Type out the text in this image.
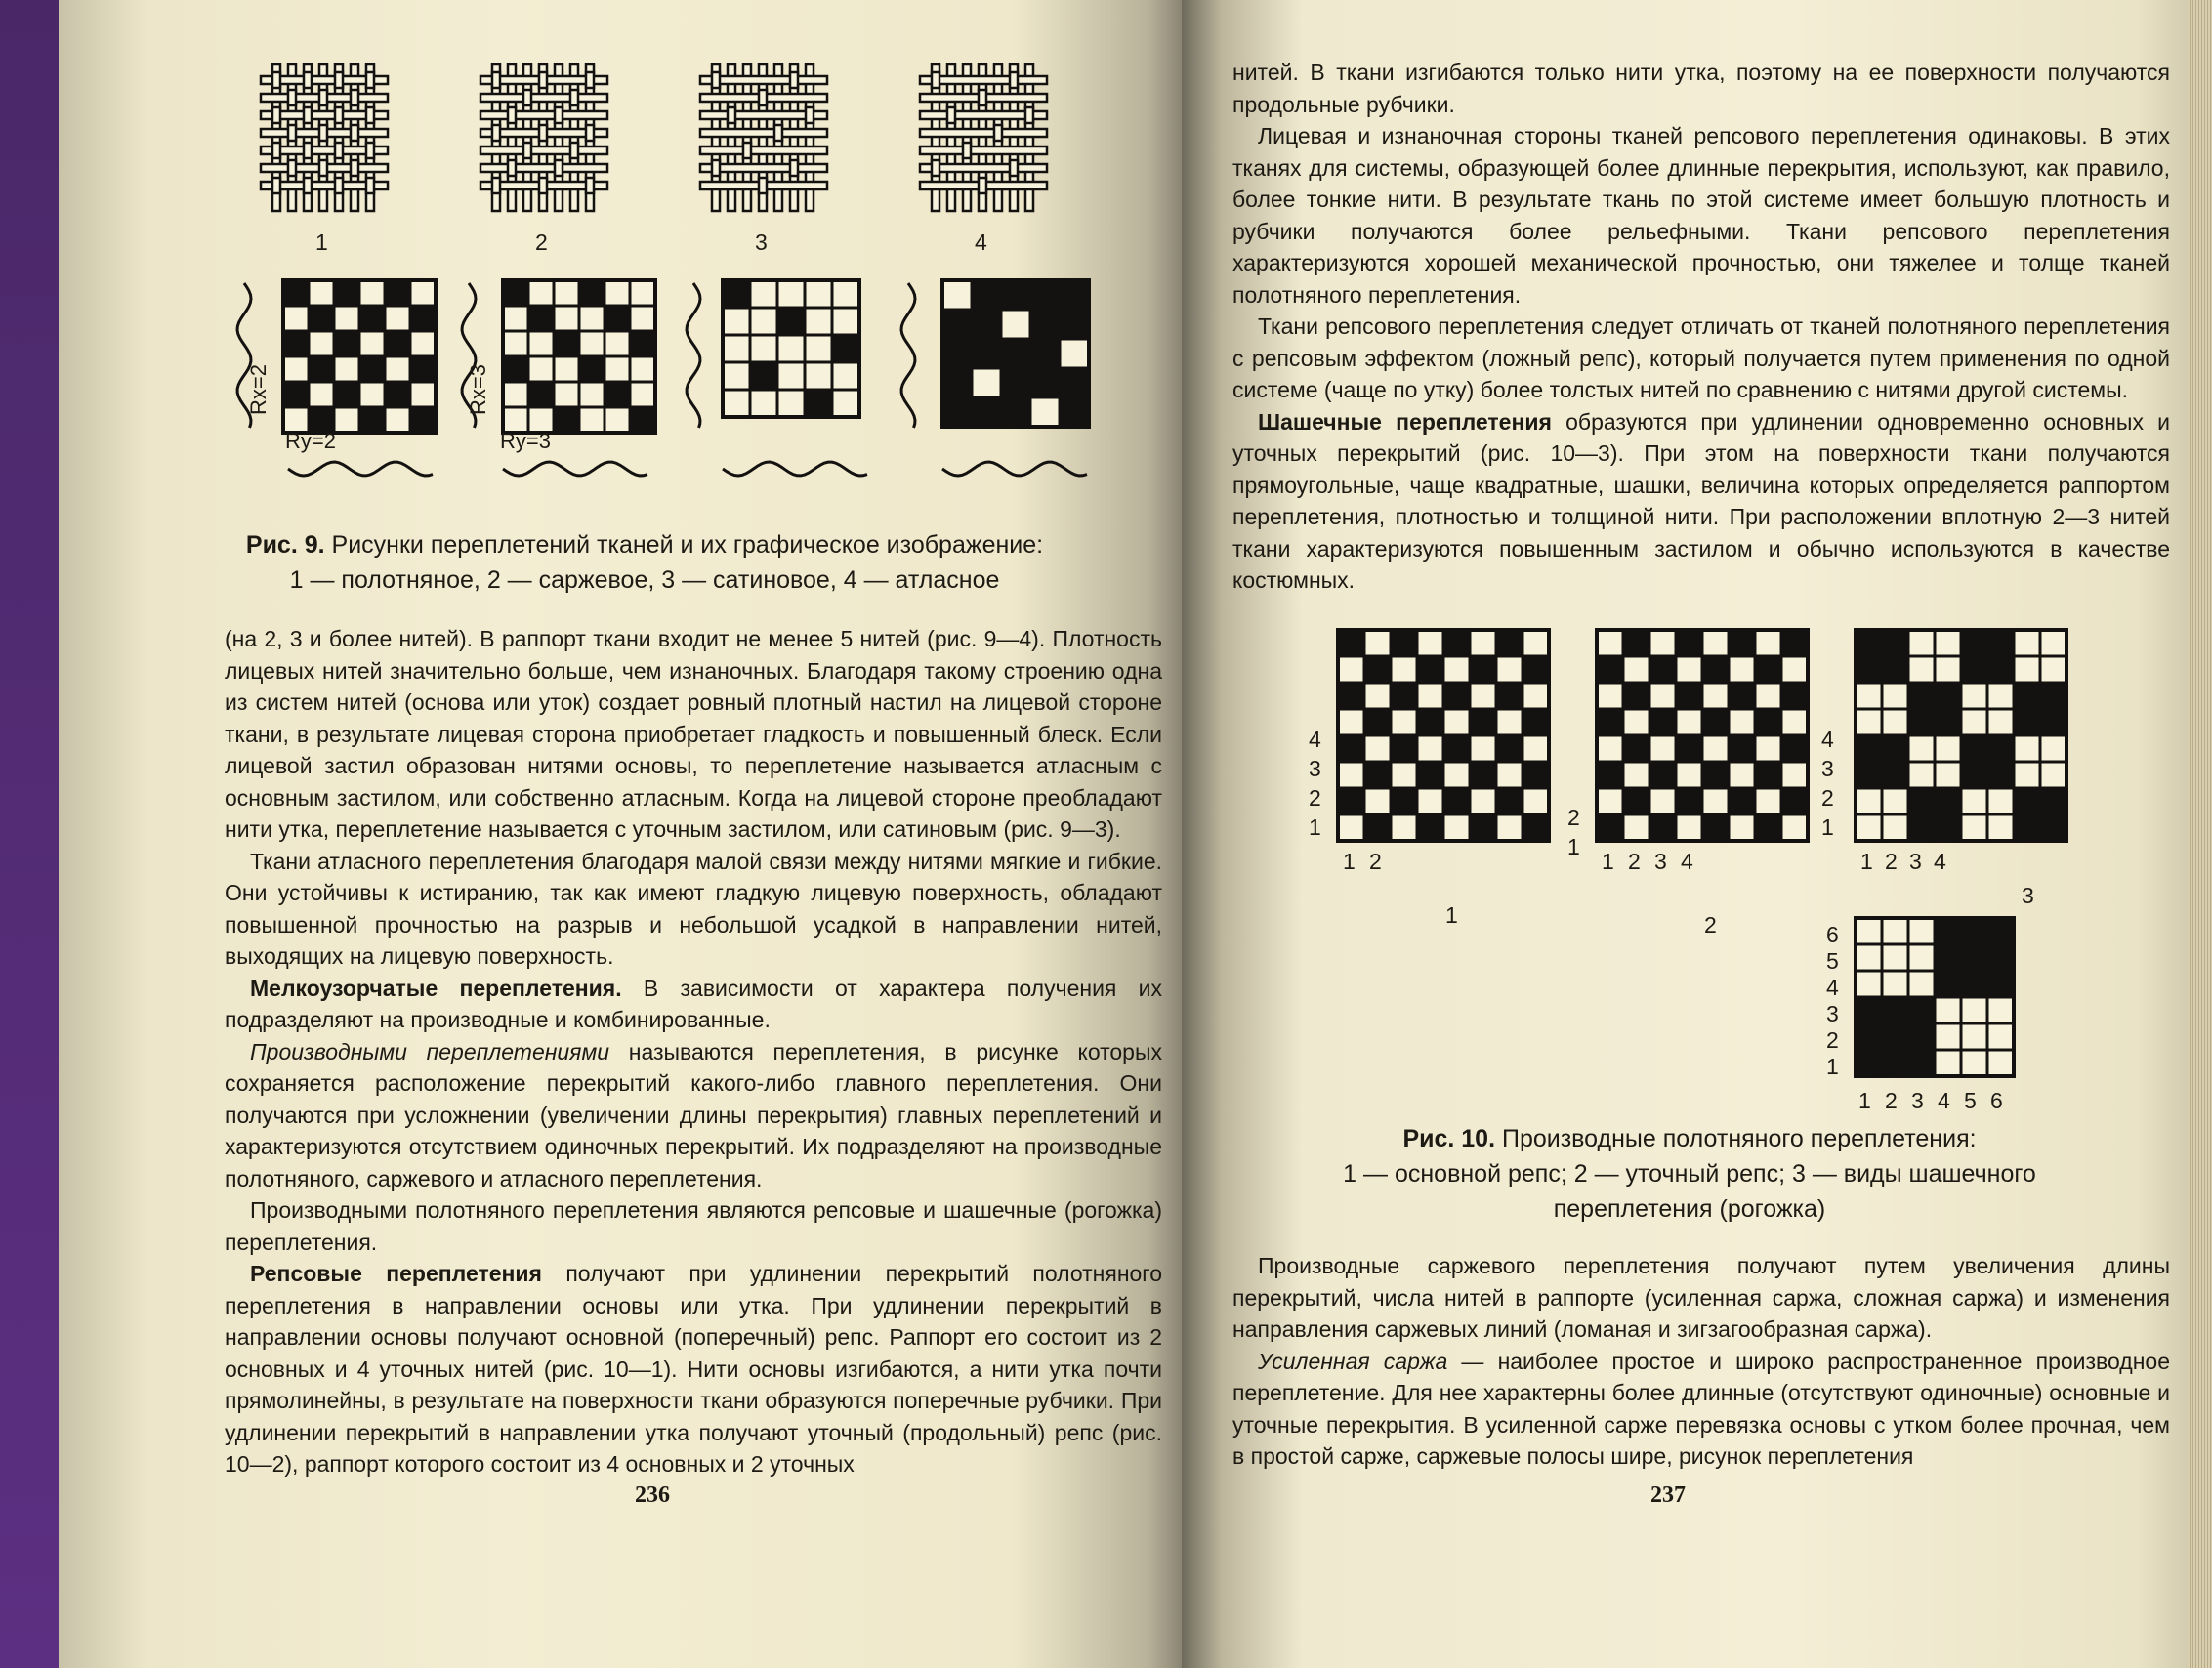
1	2	3	4
Rx=2
Ry=2
Rx=3
Ry=3
Рис. 9. Рисунки переплетений тканей и их графическое изображение:
1 — полотняное, 2 — саржевое, 3 — сатиновое, 4 — атласное

(на 2, 3 и более нитей). В раппорт ткани входит не менее 5 нитей (рис. 9—4). Плотность лицевых нитей значительно больше, чем изнаночных. Благодаря такому строению одна из систем нитей (основа или уток) создает ровный плотный настил на лицевой стороне ткани, в результате лицевая сторона приобретает гладкость и повышенный блеск. Если лицевой застил образован нитями основы, то переплетение называется атласным с основным застилом, или собственно атласным. Когда на лицевой стороне преобладают нити утка, переплетение называется с уточным застилом, или сатиновым (рис. 9—3).

Ткани атласного переплетения благодаря малой связи между нитями мягкие и гибкие. Они устойчивы к истиранию, так как имеют гладкую лицевую поверхность, обладают повышенной прочностью на разрыв и небольшой усадкой в направлении нитей, выходящих на лицевую поверхность.

Мелкоузорчатые переплетения. В зависимости от характера получения их подразделяют на производные и комбинированные.

Производными переплетениями называются переплетения, в рисунке которых сохраняется расположение перекрытий какого-либо главного переплетения. Они получаются при усложнении (увеличении длины перекрытия) главных переплетений и характеризуются отсутствием одиночных перекрытий. Их подразделяют на производные полотняного, саржевого и атласного переплетения.

Производными полотняного переплетения являются репсовые и шашечные (рогожка) переплетения.

Репсовые переплетения получают при удлинении перекрытий полотняного переплетения в направлении основы или утка. При удлинении перекрытий в направлении основы получают основной (поперечный) репс. Раппорт его состоит из 2 основных и 4 уточных нитей (рис. 10—1). Нити основы изгибаются, а нити утка почти прямолинейны, в результате на поверхности ткани образуются поперечные рубчики. При удлинении перекрытий в направлении утка получают уточный (продольный) репс (рис. 10—2), раппорт которого состоит из 4 основных и 2 уточных

236

нитей. В ткани изгибаются только нити утка, поэтому на ее поверхности получаются продольные рубчики.

Лицевая и изнаночная стороны тканей репсового переплетения одинаковы. В этих тканях для системы, образующей более длинные перекрытия, используют, как правило, более тонкие нити. В результате ткань по этой системе имеет большую плотность и рубчики получаются более рельефными. Ткани репсового переплетения характеризуются хорошей механической прочностью, они тяжелее и толще тканей полотняного переплетения.

Ткани репсового переплетения следует отличать от тканей полотняного переплетения с репсовым эффектом (ложный репс), который получается путем применения по одной системе (чаще по утку) более толстых нитей по сравнению с нитями другой системы.

Шашечные переплетения образуются при удлинении одновременно основных и уточных перекрытий (рис. 10—3). При этом на поверхности ткани получаются прямоугольные, чаще квадратные, шашки, величина которых определяется раппортом переплетения, плотностью и толщиной нити. При расположении вплотную 2—3 нитей ткани характеризуются повышенным застилом и обычно используются в качестве костюмных.

4
3
2
1
1 2
1
2
1
1 2 3 4
2
4
3
2
1
1 2 3 4
3
6
5
4
3
2
1
1 2 3 4 5 6
Рис. 10. Производные полотняного переплетения:
1 — основной репс; 2 — уточный репс; 3 — виды шашечного
переплетения (рогожка)

Производные саржевого переплетения получают путем увеличения длины перекрытий, числа нитей в раппорте (усиленная саржа, сложная саржа) и изменения направления саржевых линий (ломаная и зигзагообразная саржа).

Усиленная саржа — наиболее простое и широко распространенное производное переплетение. Для нее характерны более длинные (отсутствуют одиночные) основные и уточные перекрытия. В усиленной сарже перевязка основы с утком более прочная, чем в простой сарже, саржевые полосы шире, рисунок переплетения

237
